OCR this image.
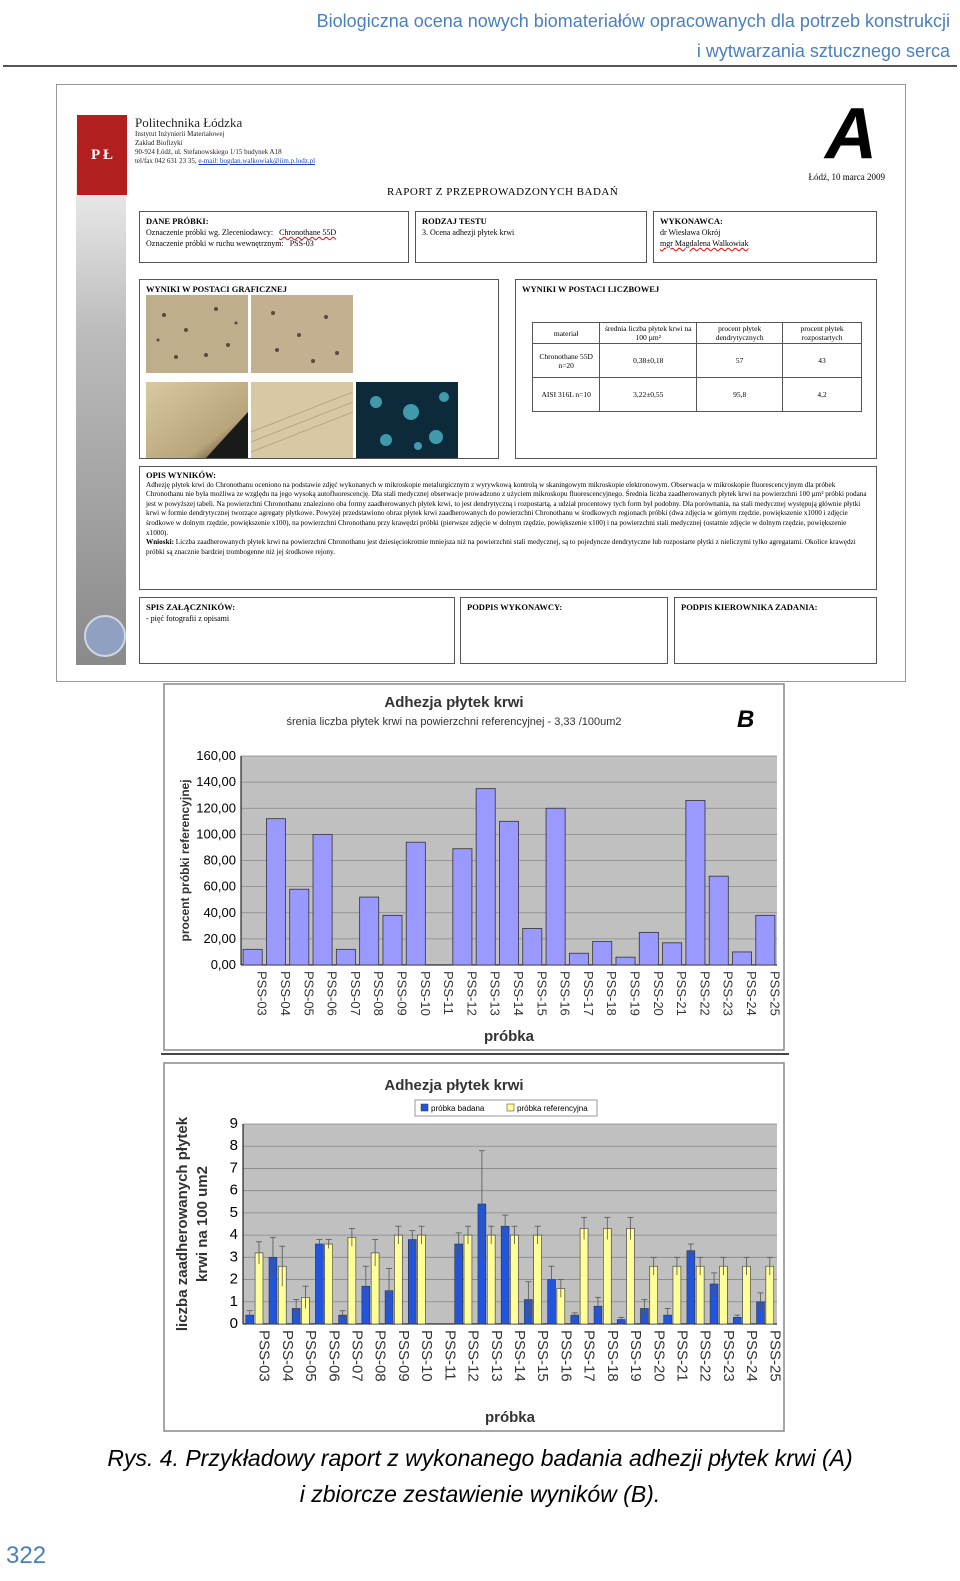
Biologiczna ocena nowych biomateriałów opracowanych dla potrzeb konstrukcji
i wytwarzania sztucznego serca
P Ł
Politechnika Łódzka
Instytut Inżynierii Materiałowej
Zakład Biofizyki
90-924 Łódź, ul. Stefanowskiego 1/15 budynek A18
tel/fax 042 631 23 35, e-mail: bogdan.walkowiak@iim.p.lodz.pl	A
Łódź, 10 marca 2009
RAPORT Z PRZEPROWADZONYCH BADAŃ
DANE PRÓBKI:
Oznaczenie próbki wg. Zleceniodawcy: Chronothane 55D
Oznaczenie próbki w ruchu wewnętrznym: PSS-03
RODZAJ TESTU
3. Ocena adhezji płytek krwi
WYKONAWCA:
dr Wiesława Okrój
mgr Magdalena Walkowiak
WYNIKI W POSTACI GRAFICZNEJ	WYNIKI W POSTACI LICZBOWEJ
materiał	średnia liczba płytek krwi na 100 µm²	procent płytek dendrytycznych	procent płytek rozpostartych
Chronothane 55D n=20	0,38±0,18	57	43
AISI 316L n=10	3,22±0,55	95,8	4,2
OPIS WYNIKÓW:
Adhezję płytek krwi do Chronothanu oceniono na podstawie zdjęć wykonanych w mikroskopie metalurgicznym z wyrywkową kontrolą w skaningowym mikroskopie elektronowym. Obserwacja w mikroskopie fluorescencyjnym dla próbek Chronothanu nie była możliwa ze względu na jego wysoką autofluorescencję. Dla stali medycznej obserwacje prowadzono z użyciem mikroskopu fluorescencyjnego. Średnia liczba zaadherowanych płytek krwi na powierzchni 100 µm² próbki podana jest w powyższej tabeli. Na powierzchni Chronothanu znaleziono oba formy zaadherowanych płytek krwi, to jest dendrytyczną i rozpostartą, a udział procentowy tych form był podobny. Dla porównania, na stali medycznej występują głównie płytki krwi w formie dendrytycznej tworzące agregaty płytkowe. Powyżej przedstawiono obraz płytek krwi zaadherowanych do powierzchni Chronothanu w środkowych regionach próbki (dwa zdjęcia w górnym rzędzie, powiększenie x1000 i zdjęcie środkowe w dolnym rzędzie, powiększenie x100), na powierzchni Chronothanu przy krawędzi próbki (pierwsze zdjęcie w dolnym rzędzie, powiększenie x100) i na powierzchni stali medycznej (ostatnie zdjęcie w dolnym rzędzie, powiększenie x1000).
Wnioski: Liczba zaadherowanych płytek krwi na powierzchni Chronothanu jest dziesięciokrotnie mniejsza niż na powierzchni stali medycznej, są to pojedyncze dendrytyczne lub rozpostarte płytki z nieliczymi tylko agregatami. Okolice krawędzi próbki są znacznie bardziej trombogenne niż jej środkowe rejony.
SPIS ZAŁĄCZNIKÓW:
- pięć fotografii z opisami
PODPIS WYKONAWCY:	PODPIS KIEROWNIKA ZADANIA:
0,00
20,00
40,00
60,00
80,00
100,00
120,00
140,00
160,00
PSS-03 PSS-04 PSS-05 PSS-06 PSS-07 PSS-08 PSS-09 PSS-10 PSS-11 PSS-12 PSS-13 PSS-14 PSS-15 PSS-16 PSS-17 PSS-18 PSS-19 PSS-20 PSS-21 PSS-22 PSS-23 PSS-24 PSS-25
Adhezja płytek krwi
śrenia liczba płytek krwi na powierzchni referencyjnej - 3,33 /100um2	B
próbka
procent próbki referencyjnej
0
1
2
3
4
5
6
7
8
9
PSS-03 PSS-04 PSS-05 PSS-06 PSS-07 PSS-08 PSS-09 PSS-10 PSS-11 PSS-12 PSS-13 PSS-14 PSS-15 PSS-16 PSS-17 PSS-18 PSS-19 PSS-20 PSS-21 PSS-22 PSS-23 PSS-24 PSS-25
Adhezja płytek krwi
próbka
liczba zaadherowanych płytek krwi na 100 um2
próbka badana	próbka referencyjna
Rys. 4. Przykładowy raport z wykonanego badania adhezji płytek krwi (A)
i zbiorcze zestawienie wyników (B).
322
